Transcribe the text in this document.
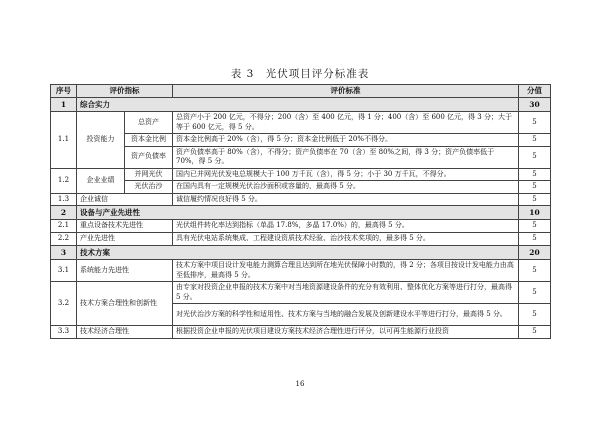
表 3　光伏项目评分标准表
序号	评价指标		评价标准	分值
1	综合实力			30
1.1	投资能力	总资产	总资产小于 200 亿元，不得分；200（含）至 400 亿元，得 1 分；400（含）至 600 亿元，得 3 分；大于等于 600 亿元，得 5 分。	5
		资本金比例	资本金比例高于 20%（含），得 5 分；资本金比例低于 20%不得分。	5
		资产负债率	资产负债率高于 80%（含），不得分；资产负债率在 70（含）至 80%之间，得 3 分；资产负债率低于 70%，得 5 分。	5
1.2	企业业绩	并网光伏	国内已并网光伏发电总规模大于 100 万千瓦（含），得 5 分；小于 30 万千瓦，不得分。	5
		光伏治沙	在国内具有一定规模光伏治沙面积或容量的，最高得 5 分。	5
1.3	企业诚信		诚信履约情况良好得 5 分。	5
2	设备与产业先进性			10
2.1	重点设备技术先进性		光伏组件转化率达到指标（单晶 17.8%，多晶 17.0%）的，最高得 5 分。	5
2.2	产业先进性		具有光伏电站系统集成、工程建设资质技术经验、治沙技术奖项的，最多得 5 分。	5
3	技术方案			20
3.1	系统能力先进性		技术方案中项目设计发电能力测算合理且达到所在地光伏保障小时数的，得 2 分；各项目按设计发电能力由高至低排序，最高得 5 分。	5
3.2	技术方案合理性和创新性		由专家对投资企业申报的技术方案中对当地资源建设条件的充分有效利用、整体优化方案等进行打分，最高得 5 分。	5
			对光伏治沙方案的科学性和适用性、技术方案与当地的融合发展及创新建设水平等进行打分，最高得 5 分。	5
3.3	技术经济合理性		根据投资企业申报的光伏项目建设方案技术经济合理性进行评分，以可再生能源行业投资	5
16
